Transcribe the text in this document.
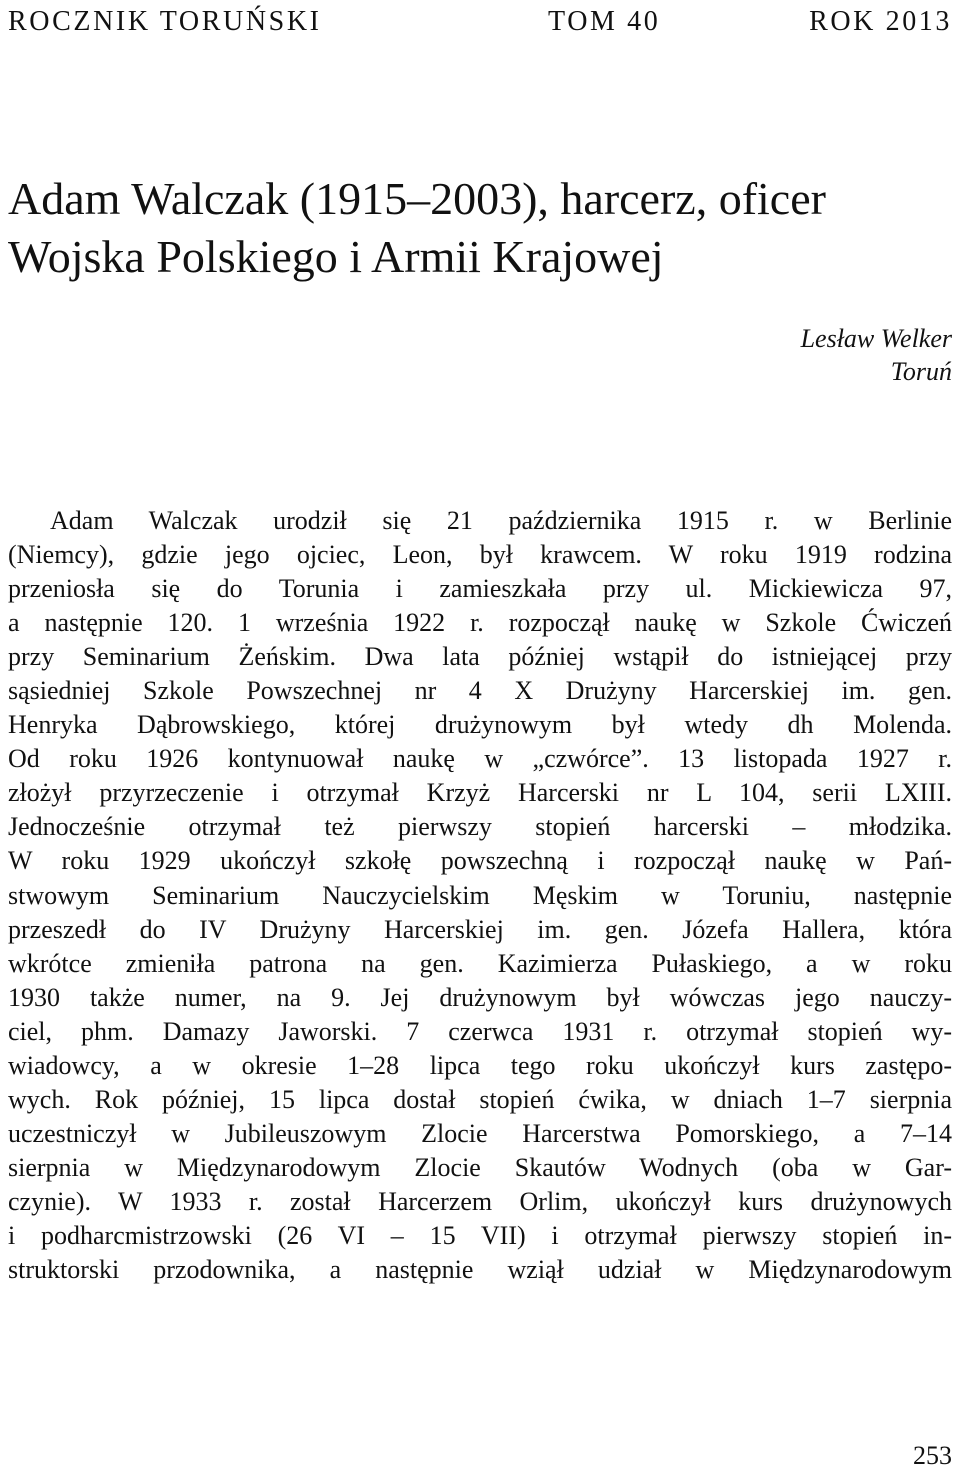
ROCZNIK TORUŃSKI	TOM 40	ROK 2013
Adam Walczak (1915–2003), harcerz, oficer
Wojska Polskiego i Armii Krajowej
Lesław Welker
Toruń
Adam Walczak urodził się 21 października 1915 r. w Berlinie
(Niemcy), gdzie jego ojciec, Leon, był krawcem. W roku 1919 rodzina
przeniosła się do Torunia i zamieszkała przy ul. Mickiewicza 97,
a następnie 120. 1 września 1922 r. rozpoczął naukę w Szkole Ćwiczeń
przy Seminarium Żeńskim. Dwa lata później wstąpił do istniejącej przy
sąsiedniej Szkole Powszechnej nr 4 X Drużyny Harcerskiej im. gen.
Henryka Dąbrowskiego, której drużynowym był wtedy dh Molenda.
Od roku 1926 kontynuował naukę w „czwórce”. 13 listopada 1927 r.
złożył przyrzeczenie i otrzymał Krzyż Harcerski nr L 104, serii LXIII.
Jednocześnie otrzymał też pierwszy stopień harcerski – młodzika.
W roku 1929 ukończył szkołę powszechną i rozpoczął naukę w Pań-
stwowym Seminarium Nauczycielskim Męskim w Toruniu, następnie
przeszedł do IV Drużyny Harcerskiej im. gen. Józefa Hallera, która
wkrótce zmieniła patrona na gen. Kazimierza Pułaskiego, a w roku
1930 także numer, na 9. Jej drużynowym był wówczas jego nauczy-
ciel, phm. Damazy Jaworski. 7 czerwca 1931 r. otrzymał stopień wy-
wiadowcy, a w okresie 1–28 lipca tego roku ukończył kurs zastępo-
wych. Rok później, 15 lipca dostał stopień ćwika, w dniach 1–7 sierpnia
uczestniczył w Jubileuszowym Zlocie Harcerstwa Pomorskiego, a 7–14
sierpnia w Międzynarodowym Zlocie Skautów Wodnych (oba w Gar-
czynie). W 1933 r. został Harcerzem Orlim, ukończył kurs drużynowych
i podharcmistrzowski (26 VI – 15 VII) i otrzymał pierwszy stopień in-
struktorski przodownika, a następnie wziął udział w Międzynarodowym
253
